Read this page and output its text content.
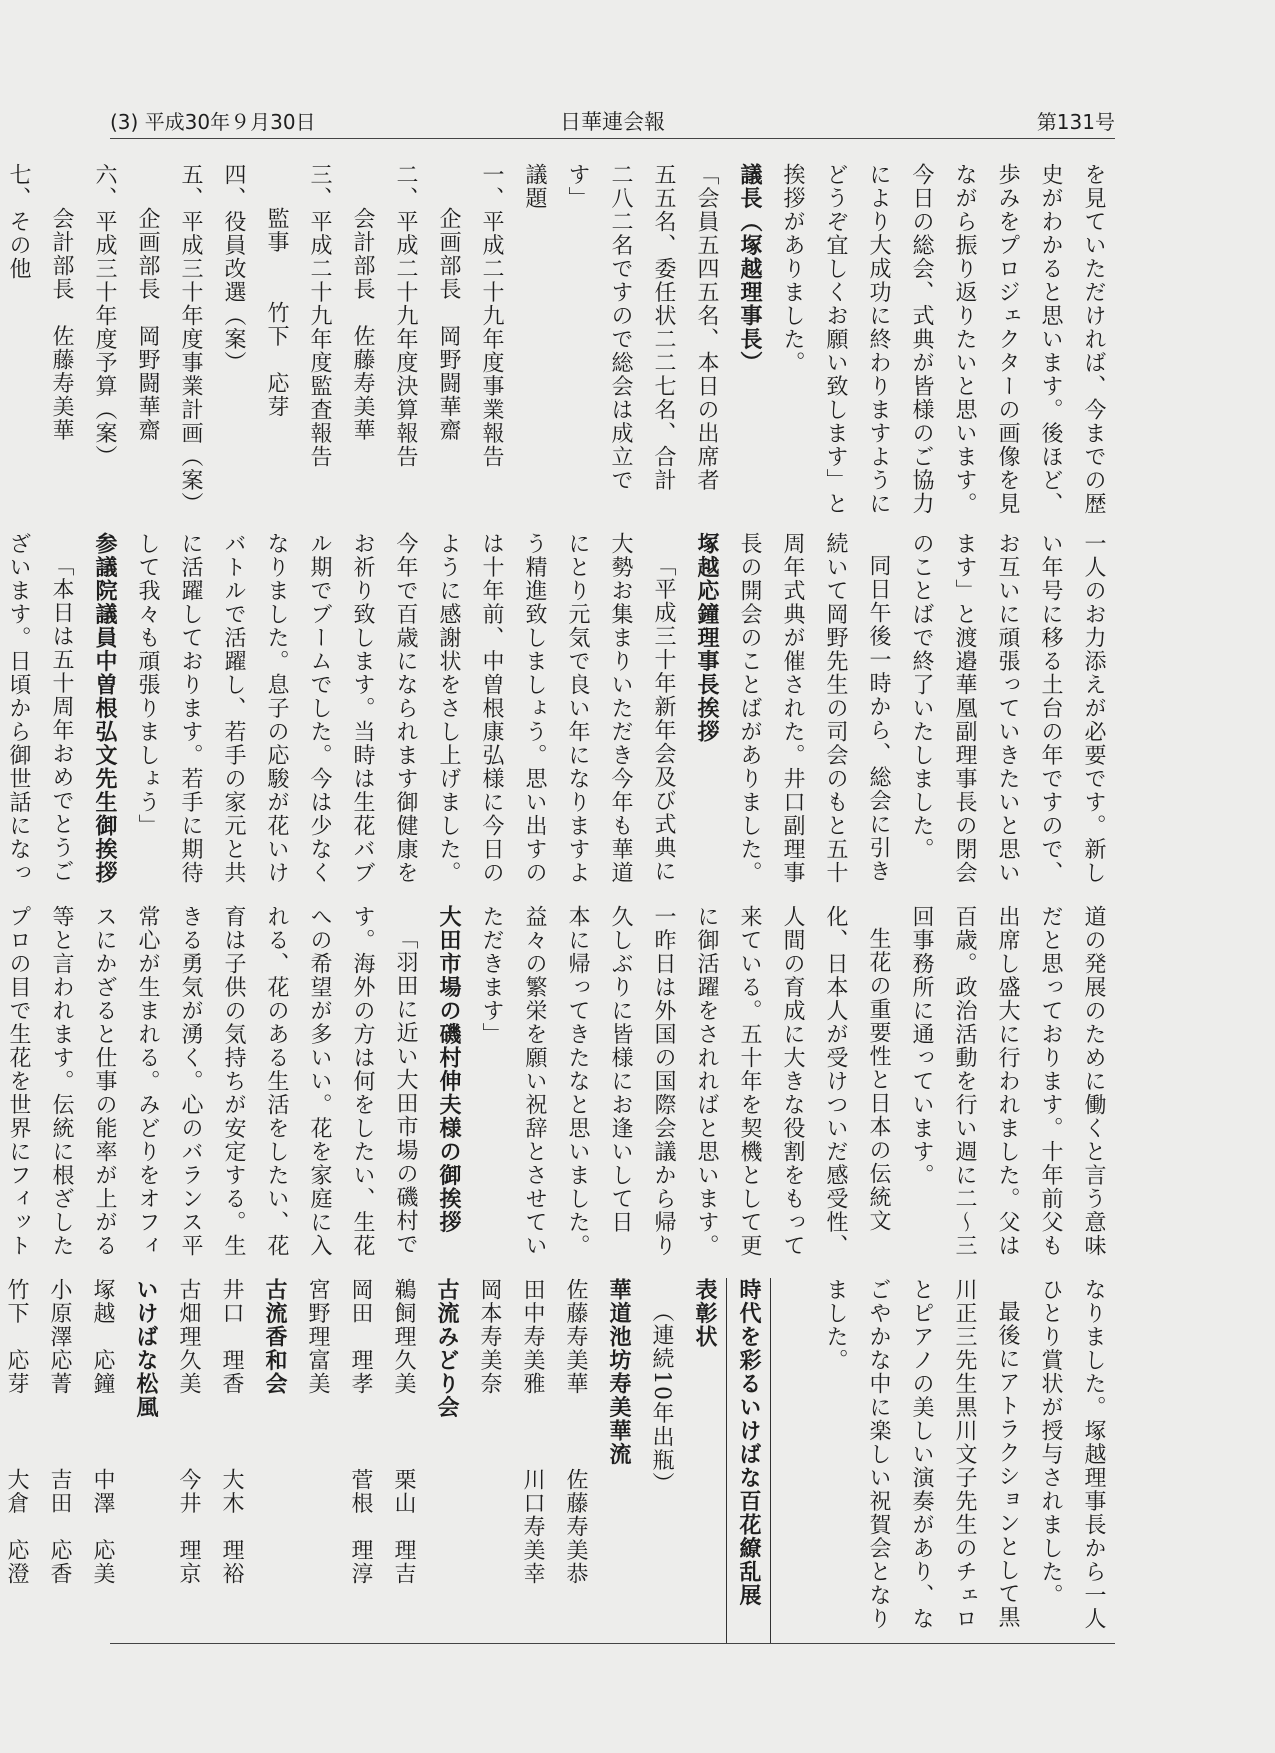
(3) 平成30年９月30日	日華連会報	第131号
を見ていただければ、今までの歴
史がわかると思います。後ほど、
歩みをプロジェクターの画像を見
ながら振り返りたいと思います。
今日の総会、式典が皆様のご協力
により大成功に終わりますように
どうぞ宜しくお願い致します」と
挨拶がありました。
議長（塚越理事長）
「会員五四五名、本日の出席者
五五名、委任状二二七名、合計
二八二名ですので総会は成立で
す」
議題
一、平成二十九年度事業報告
企画部長　岡野闘華齋
二、平成二十九年度決算報告
会計部長　佐藤寿美華
三、平成二十九年度監査報告
監事　　竹下　応芽
四、役員改選（案）
五、平成三十年度事業計画（案）
企画部長　岡野闘華齋
六、平成三十年度予算（案）
会計部長　佐藤寿美華
七、その他
一人のお力添えが必要です。新し
い年号に移る土台の年ですので、
お互いに頑張っていきたいと思い
ます」と渡邉華凰副理事長の閉会
のことばで終了いたしました。
同日午後一時から、総会に引き
続いて岡野先生の司会のもと五十
周年式典が催された。井口副理事
長の開会のことばがありました。
塚越応鐘理事長挨拶
「平成三十年新年会及び式典に
大勢お集まりいただき今年も華道
にとり元気で良い年になりますよ
う精進致しましょう。思い出すの
は十年前、中曽根康弘様に今日の
ように感謝状をさし上げました。
今年で百歳になられます御健康を
お祈り致します。当時は生花バブ
ル期でブームでした。今は少なく
なりました。息子の応駿が花いけ
バトルで活躍し、若手の家元と共
に活躍しております。若手に期待
して我々も頑張りましょう」
参議院議員中曽根弘文先生御挨拶
「本日は五十周年おめでとうご
ざいます。日頃から御世話になっ
道の発展のために働くと言う意味
だと思っております。十年前父も
出席し盛大に行われました。父は
百歳。政治活動を行い週に二〜三
回事務所に通っています。
生花の重要性と日本の伝統文
化、日本人が受けついだ感受性、
人間の育成に大きな役割をもって
来ている。五十年を契機として更
に御活躍をされればと思います。
一昨日は外国の国際会議から帰り
久しぶりに皆様にお逢いして日
本に帰ってきたなと思いました。
益々の繁栄を願い祝辞とさせてい
ただきます」
大田市場の磯村伸夫様の御挨拶
「羽田に近い大田市場の磯村で
す。海外の方は何をしたい、生花
への希望が多いい。花を家庭に入
れる、花のある生活をしたい、花
育は子供の気持ちが安定する。生
きる勇気が湧く。心のバランス平
常心が生まれる。みどりをオフィ
スにかざると仕事の能率が上がる
等と言われます。伝統に根ざした
プロの目で生花を世界にフィット
なりました。塚越理事長から一人
ひとり賞状が授与されました。
最後にアトラクションとして黒
川正三先生黒川文子先生のチェロ
とピアノの美しい演奏があり、な
ごやかな中に楽しい祝賀会となり
ました。
時代を彩るいけばな百花繚乱展
表彰状
（連続10年出瓶）
華道池坊寿美華流
佐藤寿美華佐藤寿美恭
田中寿美雅川口寿美幸
岡本寿美奈
古流みどり会
鵜飼理久美栗山　理吉
岡田　理孝菅根　理淳
宮野理富美
古流香和会
井口　理香大木　理裕
古畑理久美今井　理京
いけばな松風
塚越　応鐘中澤　応美
小原澤応菁吉田　応香
竹下　応芽大倉　応澄
